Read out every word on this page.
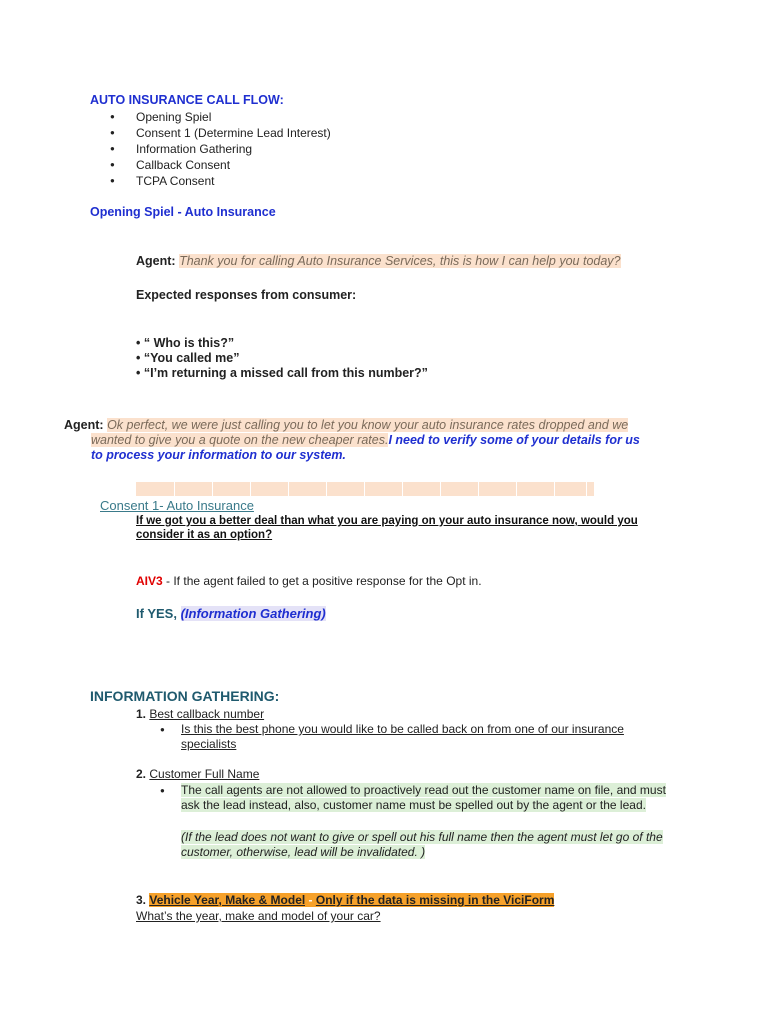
AUTO INSURANCE CALL FLOW:
● Opening Spiel
● Consent 1 (Determine Lead Interest)
● Information Gathering
● Callback Consent
● TCPA Consent
Opening Spiel - Auto Insurance
Agent: Thank you for calling Auto Insurance Services, this is how I can help you today?
Expected responses from consumer:
• “ Who is this?”
• “You called me”
• “I’m returning a missed call from this number?”
Agent: Ok perfect, we were just calling you to let you know your auto insurance rates dropped and we
wanted to give you a quote on the new cheaper rates.I need to verify some of your details for us
to process your information to our system.
Consent 1- Auto Insurance
If we got you a better deal than what you are paying on your auto insurance now, would you
consider it as an option?
AIV3 - If the agent failed to get a positive response for the Opt in.
If YES, (Information Gathering)
INFORMATION GATHERING:
1. Best callback number
●	Is this the best phone you would like to be called back on from one of our insurance
specialists
2. Customer Full Name
●	The call agents are not allowed to proactively read out the customer name on file, and must
ask the lead instead, also, customer name must be spelled out by the agent or the lead.
(If the lead does not want to give or spell out his full name then the agent must let go of the
customer, otherwise, lead will be invalidated. )
3. Vehicle Year, Make & Model - Only if the data is missing in the ViciForm
What’s the year, make and model of your car?
